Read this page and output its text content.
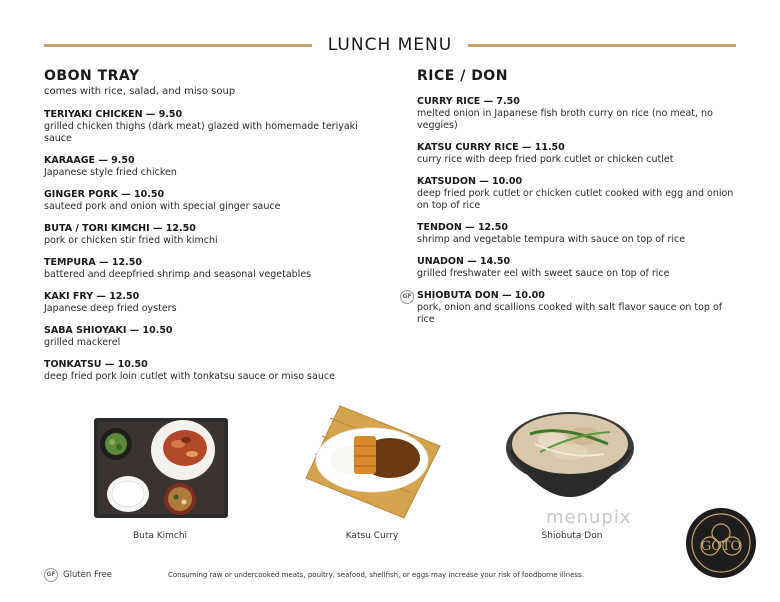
LUNCH MENU
OBON TRAY
comes with rice, salad, and miso soup
TERIYAKI CHICKEN — 9.50
grilled chicken thighs (dark meat) glazed with homemade teriyaki sauce
KARAAGE — 9.50
Japanese style fried chicken
GINGER PORK — 10.50
sauteed pork and onion with special ginger sauce
BUTA / TORI KIMCHI — 12.50
pork or chicken stir fried with kimchi
TEMPURA — 12.50
battered and deepfried shrimp and seasonal vegetables
KAKI FRY — 12.50
Japanese deep fried oysters
SABA SHIOYAKI — 10.50
grilled mackerel
TONKATSU — 10.50
deep fried pork loin cutlet with tonkatsu sauce or miso sauce
RICE / DON
CURRY RICE — 7.50
melted onion in Japanese fish broth curry on rice (no meat, no veggies)
KATSU CURRY RICE — 11.50
curry rice with deep fried pork cutlet or chicken cutlet
KATSUDON — 10.00
deep fried pork cutlet or chicken cutlet cooked with egg and onion on top of rice
TENDON — 12.50
shrimp and vegetable tempura with sauce on top of rice
UNADON — 14.50
grilled freshwater eel with sweet sauce on top of rice
GF SHIOBUTA DON — 10.00
pork, onion and scallions cooked with salt flavor sauce on top of rice
Buta Kimchi	Katsu Curry	Shiobuta Don
menupix
GOTO
GF Gluten Free	Consuming raw or undercooked meats, poultry, seafood, shellfish, or eggs may increase your risk of foodborne illness.
